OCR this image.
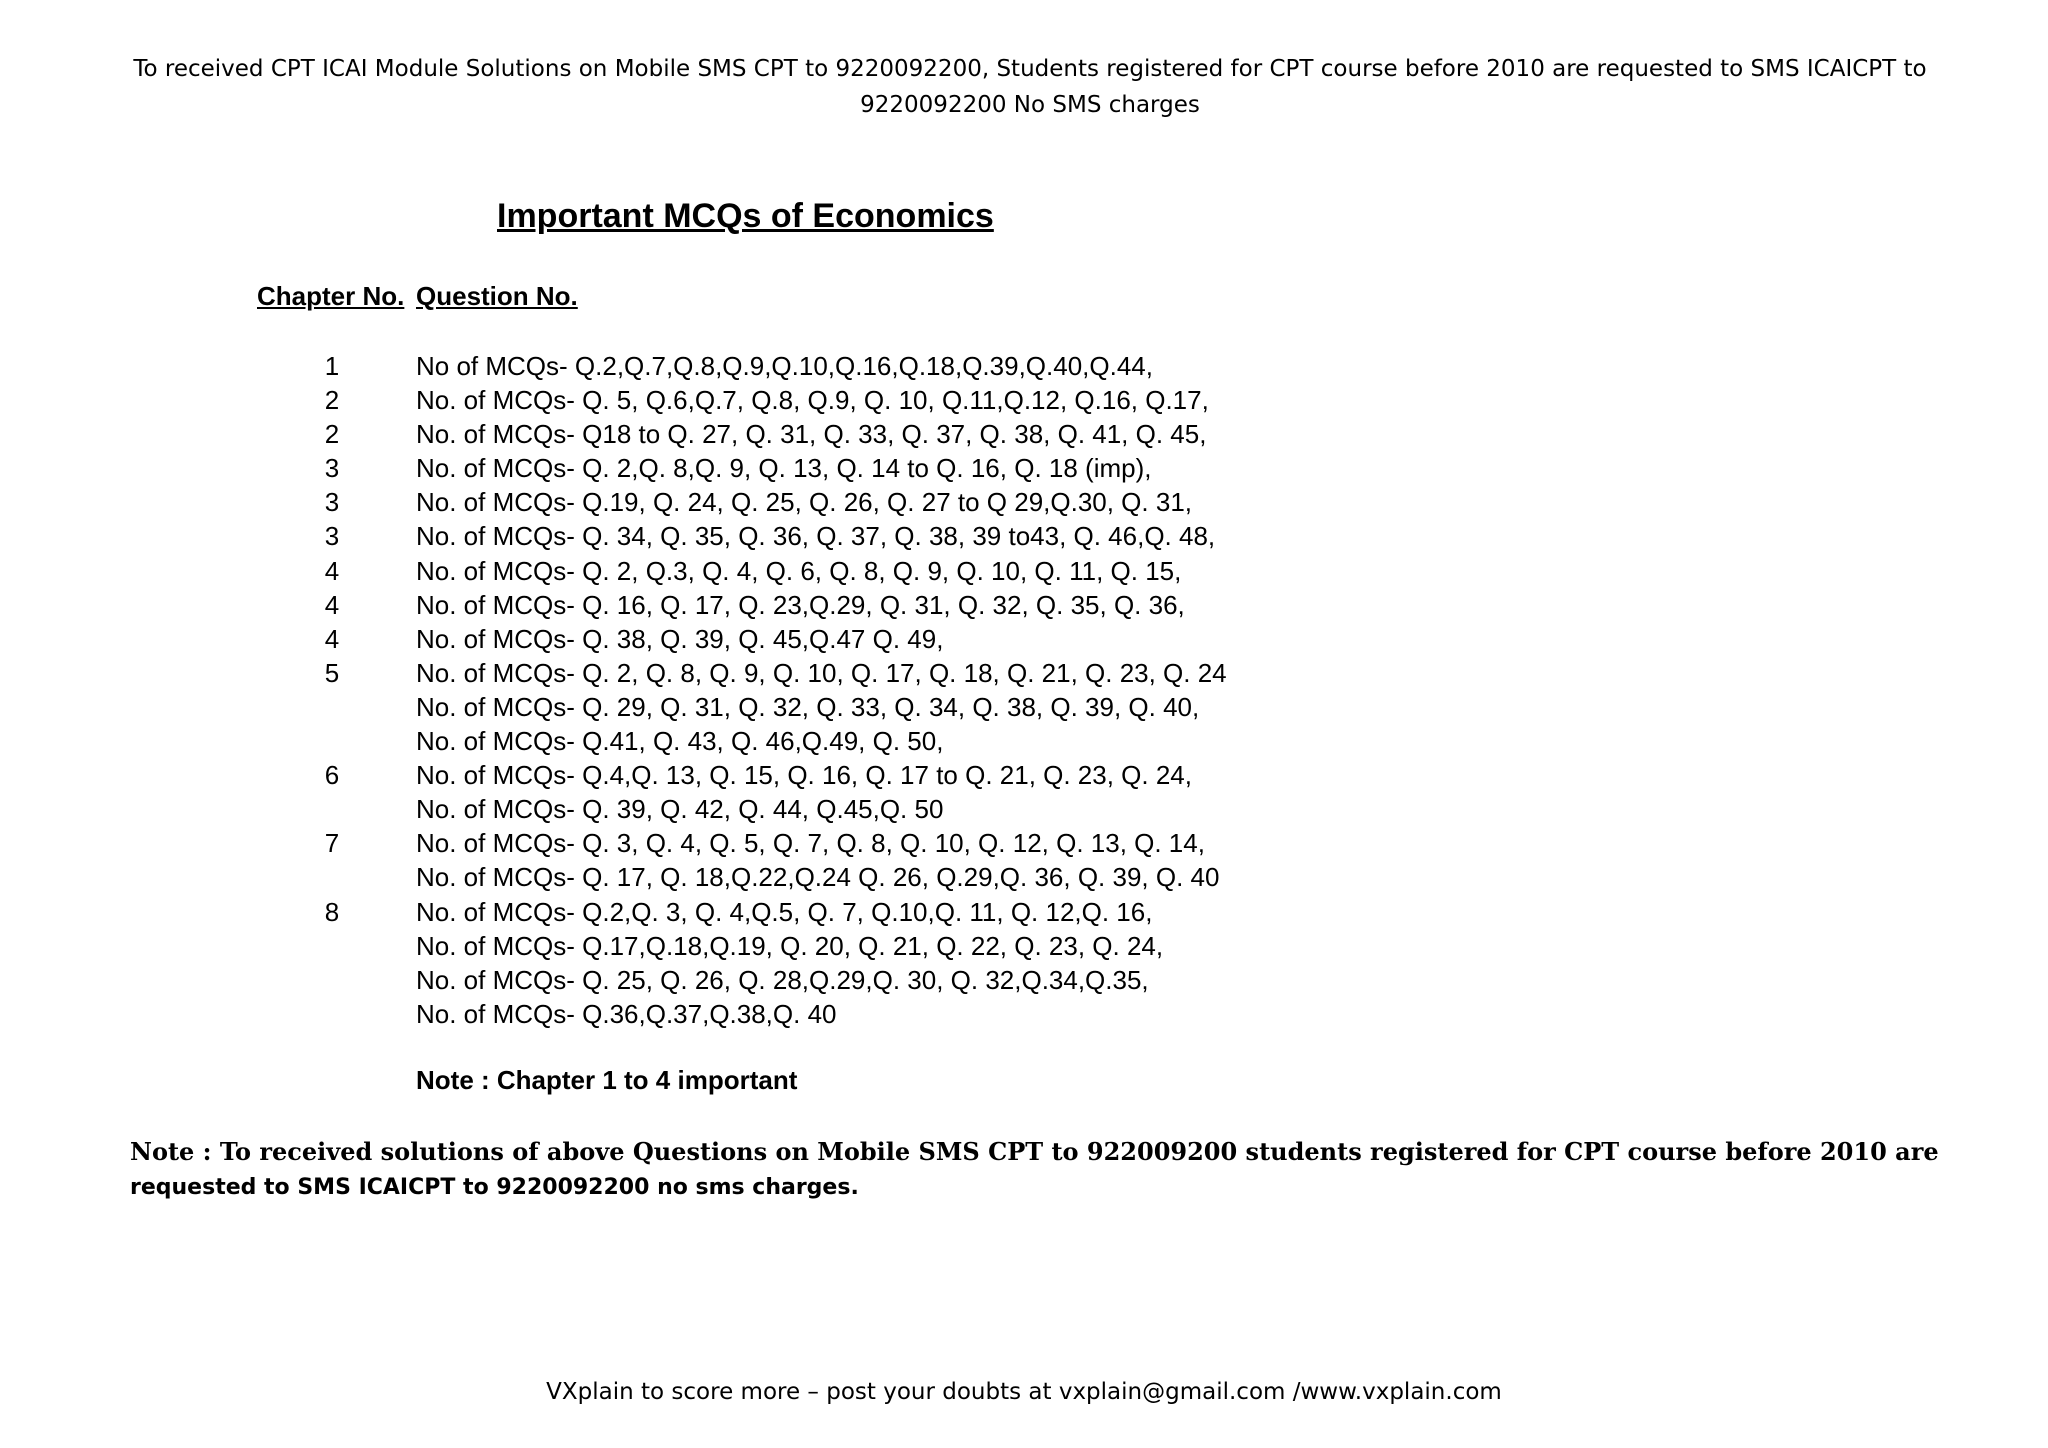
To received CPT ICAI Module Solutions on Mobile SMS CPT to 9220092200, Students registered for CPT course before 2010 are requested to SMS ICAICPT to
9220092200 No SMS charges
Important MCQs of Economics
Chapter No. Question No.
1	No of MCQs- Q.2,Q.7,Q.8,Q.9,Q.10,Q.16,Q.18,Q.39,Q.40,Q.44,
2	No. of MCQs- Q. 5, Q.6,Q.7, Q.8, Q.9, Q. 10, Q.11,Q.12, Q.16, Q.17,
2	No. of MCQs- Q18 to Q. 27, Q. 31, Q. 33, Q. 37, Q. 38, Q. 41, Q. 45,
3	No. of MCQs- Q. 2,Q. 8,Q. 9, Q. 13, Q. 14 to Q. 16, Q. 18 (imp),
3	No. of MCQs- Q.19, Q. 24, Q. 25, Q. 26, Q. 27 to Q 29,Q.30, Q. 31,
3	No. of MCQs- Q. 34, Q. 35, Q. 36, Q. 37, Q. 38, 39 to43, Q. 46,Q. 48,
4	No. of MCQs- Q. 2, Q.3, Q. 4, Q. 6, Q. 8, Q. 9, Q. 10, Q. 11, Q. 15,
4	No. of MCQs- Q. 16, Q. 17, Q. 23,Q.29, Q. 31, Q. 32, Q. 35, Q. 36,
4	No. of MCQs- Q. 38, Q. 39, Q. 45,Q.47 Q. 49,
5	No. of MCQs- Q. 2, Q. 8, Q. 9, Q. 10, Q. 17, Q. 18, Q. 21, Q. 23, Q. 24
No. of MCQs- Q. 29, Q. 31, Q. 32, Q. 33, Q. 34, Q. 38, Q. 39, Q. 40,
No. of MCQs- Q.41, Q. 43, Q. 46,Q.49, Q. 50,
6	No. of MCQs- Q.4,Q. 13, Q. 15, Q. 16, Q. 17 to Q. 21, Q. 23, Q. 24,
No. of MCQs- Q. 39, Q. 42, Q. 44, Q.45,Q. 50
7	No. of MCQs- Q. 3, Q. 4, Q. 5, Q. 7, Q. 8, Q. 10, Q. 12, Q. 13, Q. 14,
No. of MCQs- Q. 17, Q. 18,Q.22,Q.24 Q. 26, Q.29,Q. 36, Q. 39, Q. 40
8	No. of MCQs- Q.2,Q. 3, Q. 4,Q.5, Q. 7, Q.10,Q. 11, Q. 12,Q. 16,
No. of MCQs- Q.17,Q.18,Q.19, Q. 20, Q. 21, Q. 22, Q. 23, Q. 24,
No. of MCQs- Q. 25, Q. 26, Q. 28,Q.29,Q. 30, Q. 32,Q.34,Q.35,
No. of MCQs- Q.36,Q.37,Q.38,Q. 40
Note : Chapter 1 to 4 important
Note : To received solutions of above Questions on Mobile SMS CPT to 922009200 students registered for CPT course before 2010 are
requested to SMS ICAICPT to 9220092200 no sms charges.
VXplain to score more – post your doubts at vxplain@gmail.com /www.vxplain.com
